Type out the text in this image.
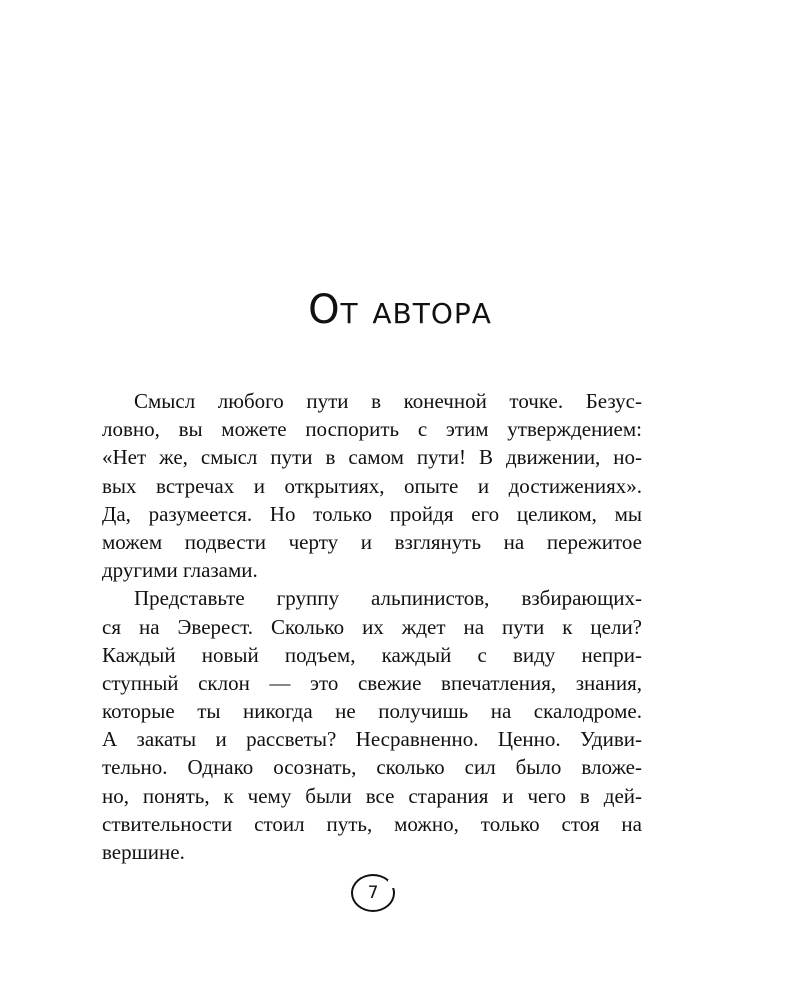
От автора
Смысл любого пути в конечной точке. Безус-
ловно, вы можете поспорить с этим утверждением:
«Нет же, смысл пути в самом пути! В движении, но-
вых встречах и открытиях, опыте и достижениях».
Да, разумеется. Но только пройдя его целиком, мы
можем подвести черту и взглянуть на пережитое
другими глазами.
Представьте группу альпинистов, взбирающих-
ся на Эверест. Сколько их ждет на пути к цели?
Каждый новый подъем, каждый с виду непри-
ступный склон — это свежие впечатления, знания,
которые ты никогда не получишь на скалодроме.
А закаты и рассветы? Несравненно. Ценно. Удиви-
тельно. Однако осознать, сколько сил было вложе-
но, понять, к чему были все старания и чего в дей-
ствительности стоил путь, можно, только стоя на
вершине.
7
